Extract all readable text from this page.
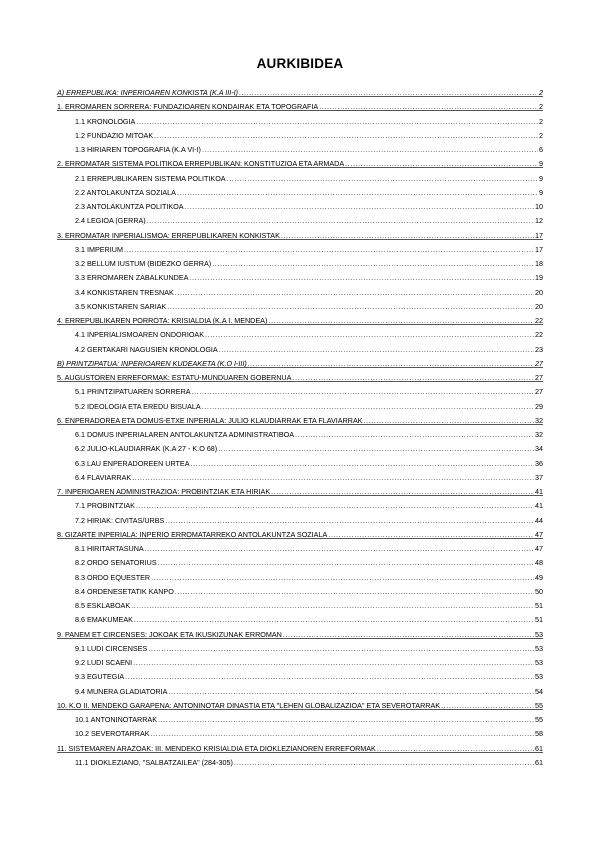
AURKIBIDEA
A) ERREPUBLIKA: INPERIOAREN KONKISTA (K.A III-I) .....	2
1. ERROMAREN SORRERA: FUNDAZIOAREN KONDAIRAK ETA TOPOGRAFIA .....	2
1.1 KRONOLOGIA .....	2
1.2 FUNDAZIO MITOAK .....	2
1.3 HIRIAREN TOPOGRAFIA (K.A VI-I) .....	6
2. ERROMATAR SISTEMA POLITIKOA ERREPUBLIKAN: KONSTITUZIOA ETA ARMADA .....	9
2.1 ERREPUBLIKAREN SISTEMA POLITIKOA .....	9
2.2 ANTOLAKUNTZA SOZIALA .....	9
2.3 ANTOLAKUNTZA POLITIKOA .....	10
2.4 LEGIOA (GERRA) .....	12
3. ERROMATAR INPERIALISMOA: ERREPUBLIKAREN KONKISTAK .....	17
3.1 IMPERIUM .....	17
3.2 BELLUM IUSTUM (BIDEZKO GERRA) .....	18
3.3 ERROMAREN ZABALKUNDEA .....	19
3.4 KONKISTAREN TRESNAK .....	20
3.5 KONKISTAREN SARIAK .....	20
4. ERREPUBLIKAREN PORROTA: KRISIALDIA (K.A I. MENDEA) .....	22
4.1 INPERIALISMOAREN ONDORIOAK .....	22
4.2 GERTAKARI NAGUSIEN KRONOLOGIA .....	23
B) PRINTZIPATUA: INPERIOAREN KUDEAKETA (K.O I-III) .....	27
5. AUGUSTOREN ERREFORMAK: ESTATU-MUNDUAREN GOBERNUA .....	27
5.1 PRINTZIPATUAREN SORRERA .....	27
5.2 IDEOLOGIA ETA EREDU BISUALA .....	29
6. ENPERADOREA ETA DOMUS-ETXE INPERIALA: JULIO KLAUDIARRAK ETA FLAVIARRAK .....	32
6.1 DOMUS INPERIALAREN ANTOLAKUNTZA ADMINISTRATIBOA .....	32
6.2 JULIO-KLAUDIARRAK (K.A 27 - K.O 68) .....	34
6.3 LAU ENPERADOREEN URTEA .....	36
6.4 FLAVIARRAK .....	37
7. INPERIOAREN ADMINISTRAZIOA: PROBINTZIAK ETA HIRIAK .....	41
7.1 PROBINTZIAK .....	41
7.2 HIRIAK: CIVITAS/URBS .....	44
8. GIZARTE INPERIALA: INPERIO ERROMATARREKO ANTOLAKUNTZA SOZIALA .....	47
8.1 HIRITARTASUNA .....	47
8.2 ORDO SENATORIUS .....	48
8.3 ORDO EQUESTER .....	49
8.4 ORDENESETATIK KANPO .....	50
8.5 ESKLABOAK .....	51
8.6 EMAKUMEAK .....	51
9. PANEM ET CIRCENSES: JOKOAK ETA IKUSKIZUNAK ERROMAN .....	53
9.1 LUDI CIRCENSES .....	53
9.2 LUDI SCAENI .....	53
9.3 EGUTEGIA .....	53
9.4 MUNERA GLADIATORIA .....	54
10. K.O II. MENDEKO GARAPENA: ANTONINOTAR DINASTIA ETA "LEHEN GLOBALIZAZIOA" ETA SEVEROTARRAK .....	55
10.1 ANTONINOTARRAK .....	55
10.2 SEVEROTARRAK .....	58
11. SISTEMAREN ARAZOAK: III. MENDEKO KRISIALDIA ETA DIOKLEZIANOREN ERREFORMAK .....	61
11.1 DIOKLEZIANO, "SALBATZAILEA" (284-305) .....	61
